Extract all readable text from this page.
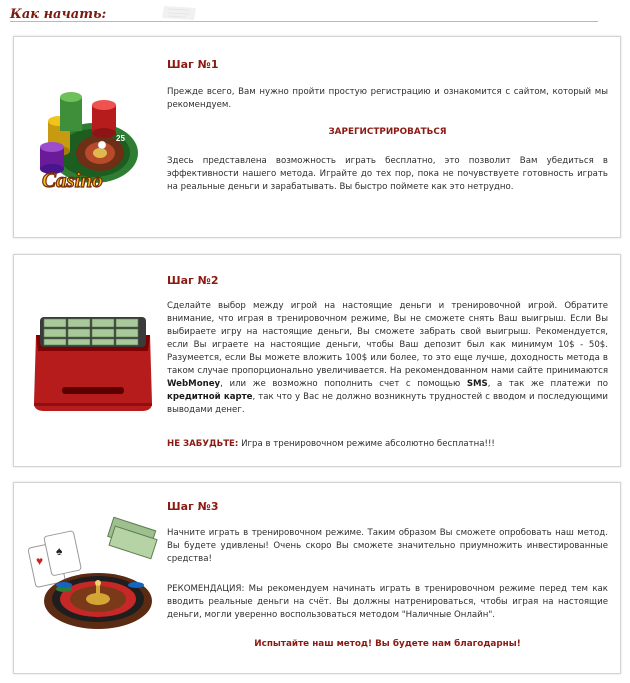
Как начать:
25
Casino
Шаг №1

Прежде всего, Вам нужно пройти простую регистрацию и ознакомится с сайтом, который мы рекомендуем.

ЗАРЕГИСТРИРОВАТЬСЯ

Здесь представлена возможность играть бесплатно, это позволит Вам убедиться в эффективности нашего метода. Играйте до тех пор, пока не почувствуете готовность играть на реальные деньги и зарабатывать. Вы быстро поймете как это нетрудно.

Шаг №2

Сделайте выбор между игрой на настоящие деньги и тренировочной игрой. Обратите внимание, что играя в тренировочном режиме, Вы не сможете снять Ваш выигрыш. Если Вы выбираете игру на настоящие деньги, Вы сможете забрать свой выигрыш. Рекомендуется, если Вы играете на настоящие деньги, чтобы Ваш депозит был как минимум 10$ - 50$. Разумеется, если Вы можете вложить 100$ или более, то это еще лучше, доходность метода в таком случае пропорционально увеличивается. На рекомендованном нами сайте принимаются WebMoney, или же возможно пополнить счет с помощью SMS, а так же платежи по кредитной карте, так что у Вас не должно возникнуть трудностей с вводом и последующими выводами денег.

НЕ ЗАБУДЬТЕ: Игра в тренировочном режиме абсолютно бесплатна!!!

♥
♠
Шаг №3

Начните играть в тренировочном режиме. Таким образом Вы сможете опробовать наш метод. Вы будете удивлены! Очень скоро Вы сможете значительно приумножить инвестированные средства!

РЕКОМЕНДАЦИЯ: Мы рекомендуем начинать играть в тренировочном режиме перед тем как вводить реальные деньги на счёт. Вы должны натренироваться, чтобы играя на настоящие деньги, могли уверенно воспользоваться методом "Наличные Онлайн".

Испытайте наш метод! Вы будете нам благодарны!
